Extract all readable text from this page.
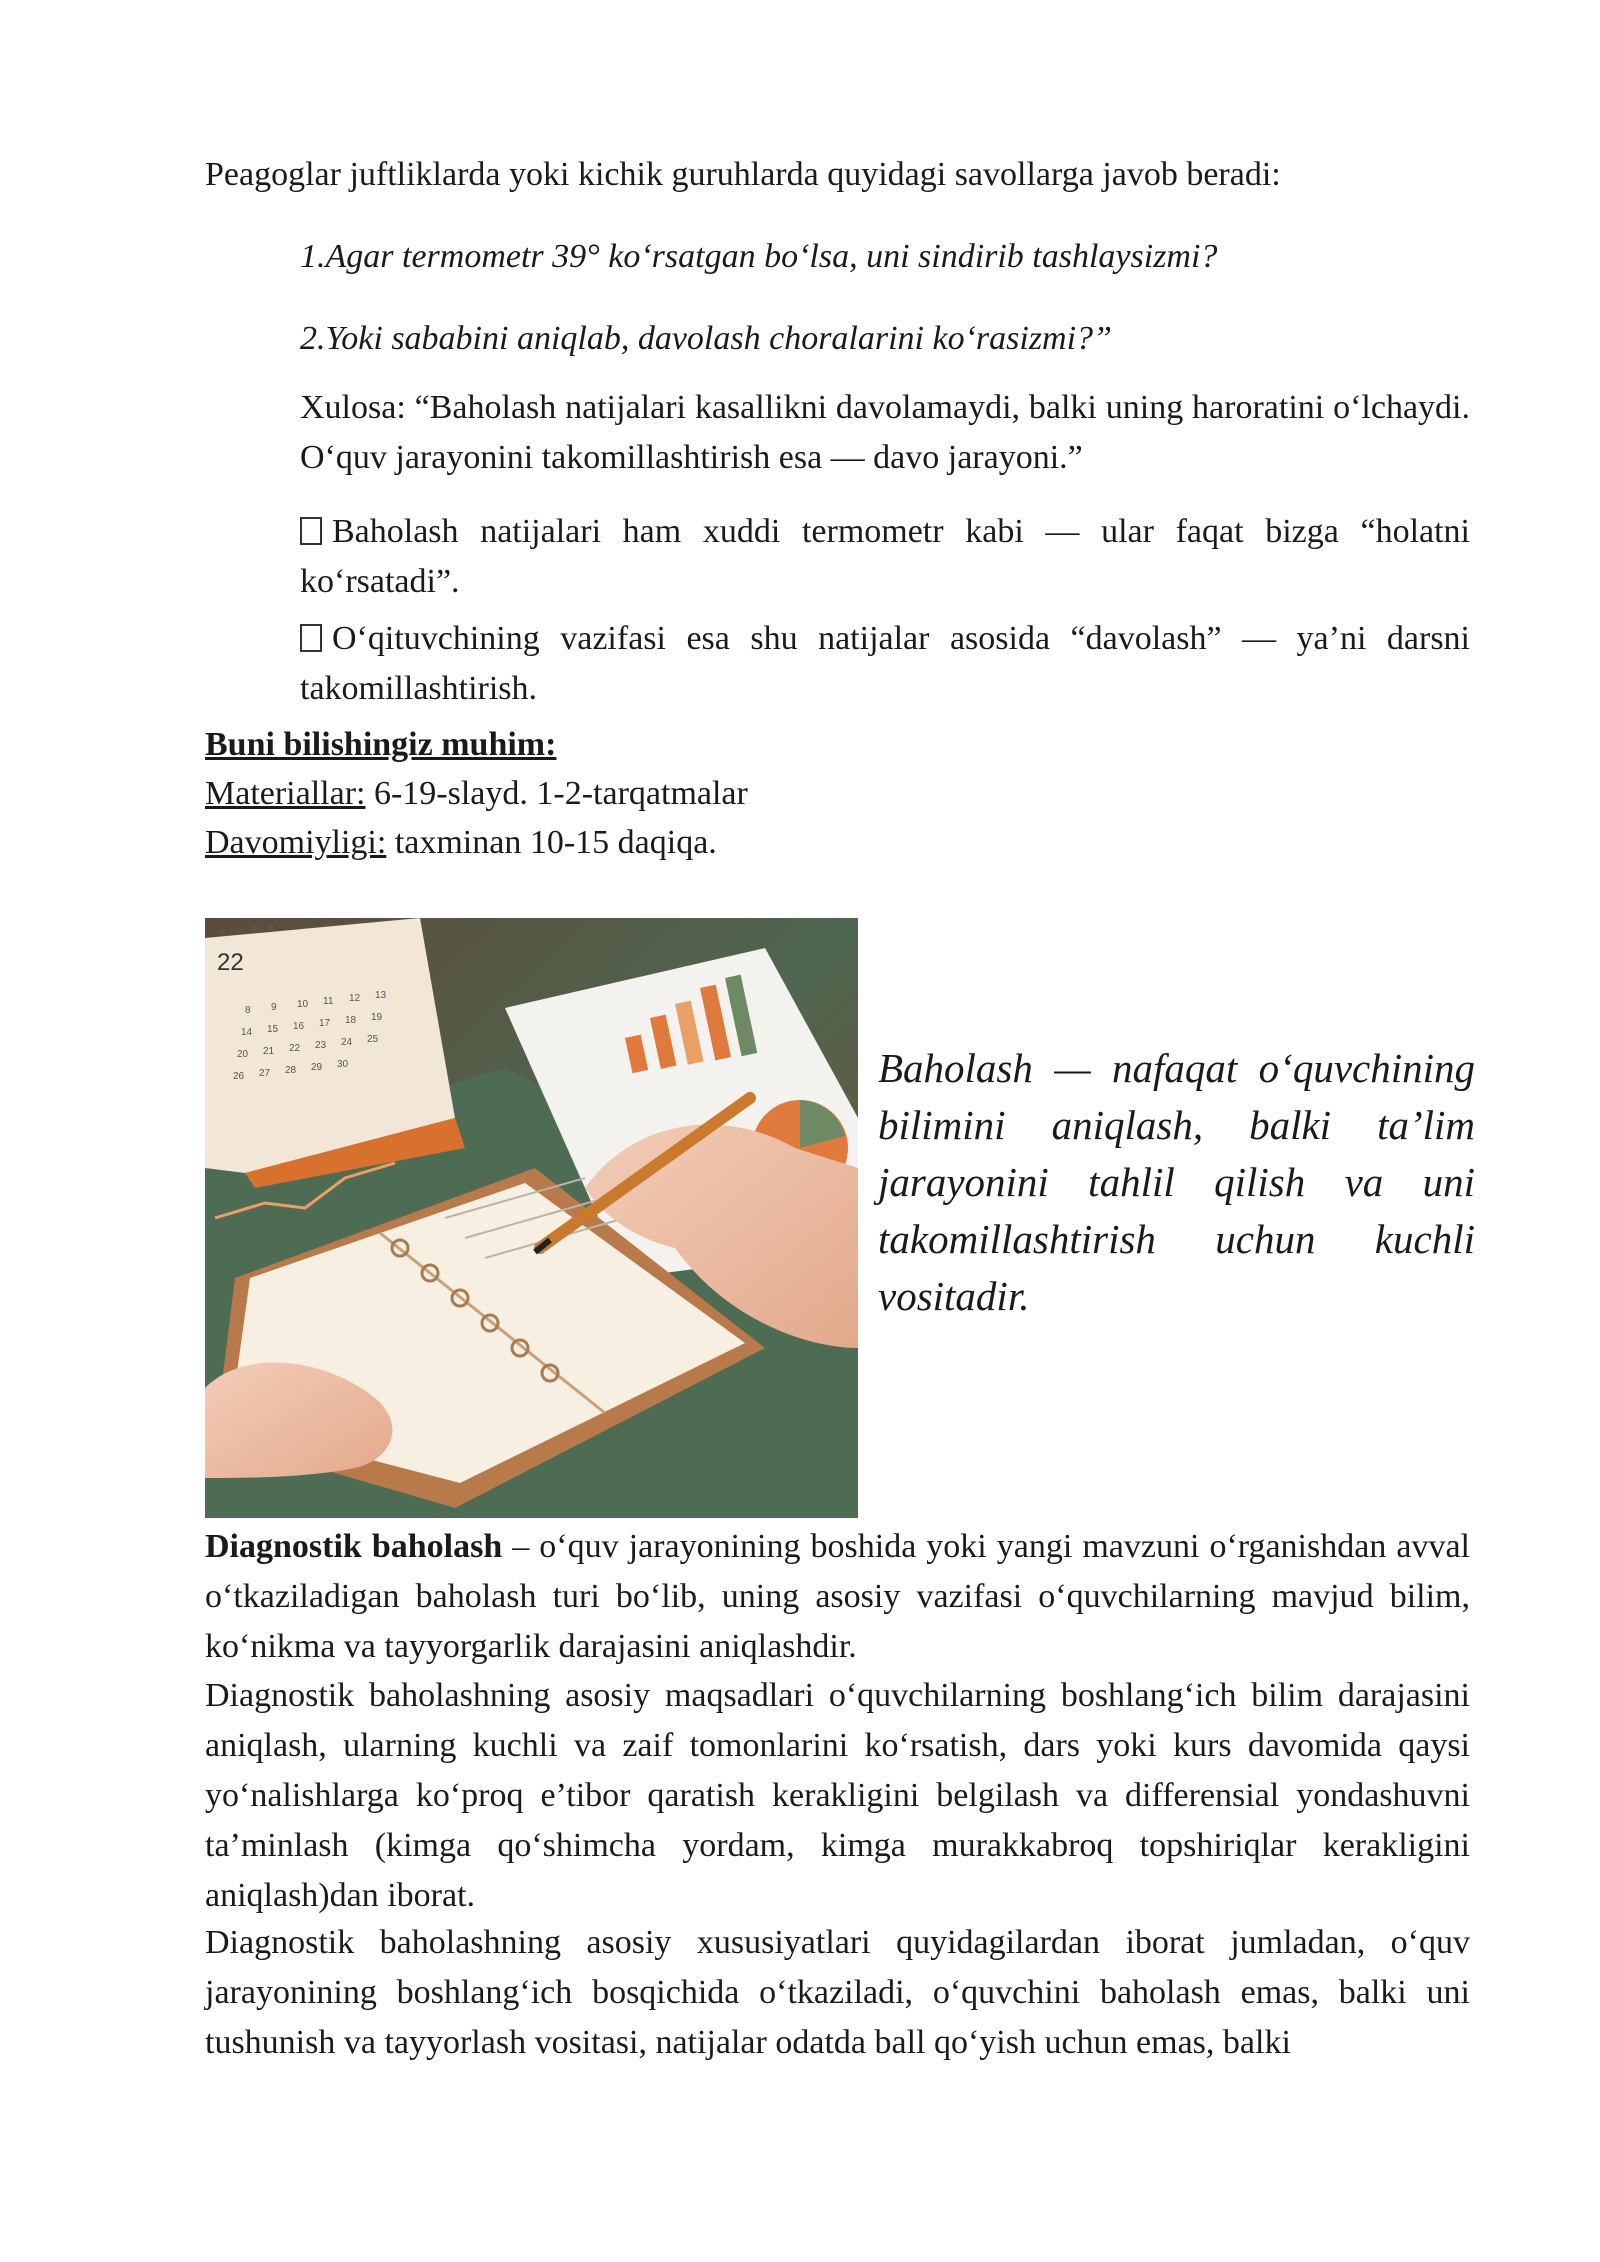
Peagoglar juftliklarda yoki kichik guruhlarda quyidagi savollarga javob beradi:
1.Agar termometr 39° ko‘rsatgan bo‘lsa, uni sindirib tashlaysizmi?
2.Yoki sababini aniqlab, davolash choralarini ko‘rasizmi?”
Xulosa: “Baholash natijalari kasallikni davolamaydi, balki uning haroratini o‘lchaydi. O‘quv jarayonini takomillashtirish esa — davo jarayoni.”
Baholash natijalari ham xuddi termometr kabi — ular faqat bizga “holatni ko‘rsatadi”.
O‘qituvchining vazifasi esa shu natijalar asosida “davolash” — ya’ni darsni takomillashtirish.
Buni bilishingiz muhim:
Materiallar: 6-19-slayd. 1-2-tarqatmalar
Davomiyligi: taxminan 10-15 daqiqa.
22
8 9 10 11 12 13
14 15 16 17 18 19
20 21 22 23 24 25
26 27 28 29 30	Baholash — nafaqat o‘quvchining bilimini aniqlash, balki ta’lim jarayonini tahlil qilish va uni takomillashtirish uchun kuchli vositadir.
Diagnostik baholash – o‘quv jarayonining boshida yoki yangi mavzuni o‘rganishdan avval o‘tkaziladigan baholash turi bo‘lib, uning asosiy vazifasi o‘quvchilarning mavjud bilim, ko‘nikma va tayyorgarlik darajasini aniqlashdir.
Diagnostik baholashning asosiy maqsadlari o‘quvchilarning boshlang‘ich bilim darajasini aniqlash, ularning kuchli va zaif tomonlarini ko‘rsatish, dars yoki kurs davomida qaysi yo‘nalishlarga ko‘proq e’tibor qaratish kerakligini belgilash va differensial yondashuvni ta’minlash (kimga qo‘shimcha yordam, kimga murakkabroq topshiriqlar kerakligini aniqlash)dan iborat.
Diagnostik baholashning asosiy xususiyatlari quyidagilardan iborat jumladan, o‘quv jarayonining boshlang‘ich bosqichida o‘tkaziladi, o‘quvchini baholash emas, balki uni tushunish va tayyorlash vositasi, natijalar odatda ball qo‘yish uchun emas, balki
